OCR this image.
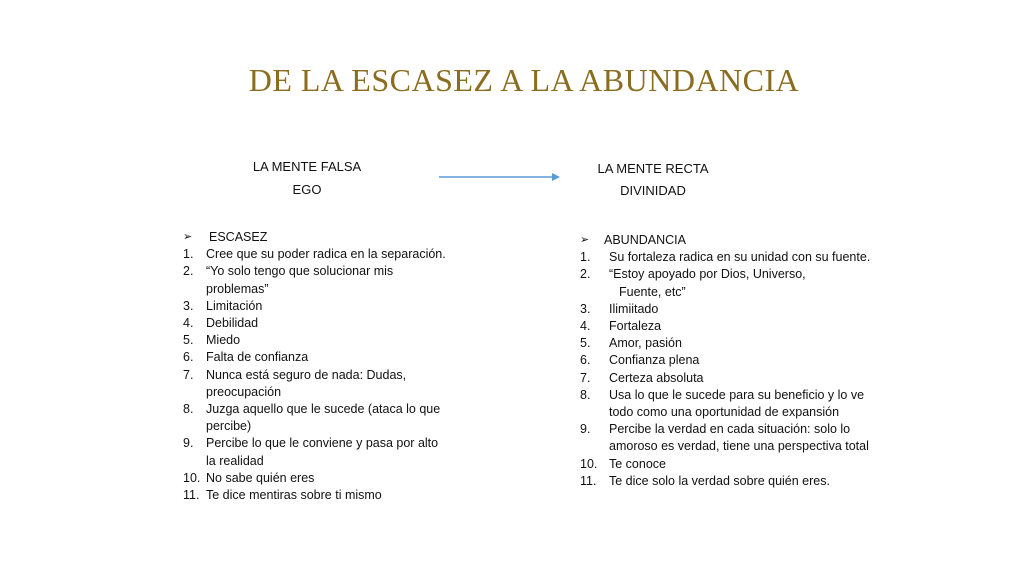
DE LA ESCASEZ A LA ABUNDANCIA
LA MENTE FALSA
EGO
LA MENTE RECTA
DIVINIDAD
➢ ESCASEZ
1. Cree que su poder radica en la separación.
2. “Yo solo tengo que solucionar mis
problemas”
3. Limitación
4. Debilidad
5. Miedo
6. Falta de confianza
7. Nunca está seguro de nada: Dudas,
preocupación
8. Juzga aquello que le sucede (ataca lo que
percibe)
9. Percibe lo que le conviene y pasa por alto
la realidad
10. No sabe quién eres
11. Te dice mentiras sobre ti mismo
➢ ABUNDANCIA
1. Su fortaleza radica en su unidad con su fuente.
2. “Estoy apoyado por Dios, Universo,
Fuente, etc”
3. Ilimiitado
4. Fortaleza
5. Amor, pasión
6. Confianza plena
7. Certeza absoluta
8. Usa lo que le sucede para su beneficio y lo ve
todo como una oportunidad de expansión
9. Percibe la verdad en cada situación: solo lo
amoroso es verdad, tiene una perspectiva total
10. Te conoce
11. Te dice solo la verdad sobre quién eres.
